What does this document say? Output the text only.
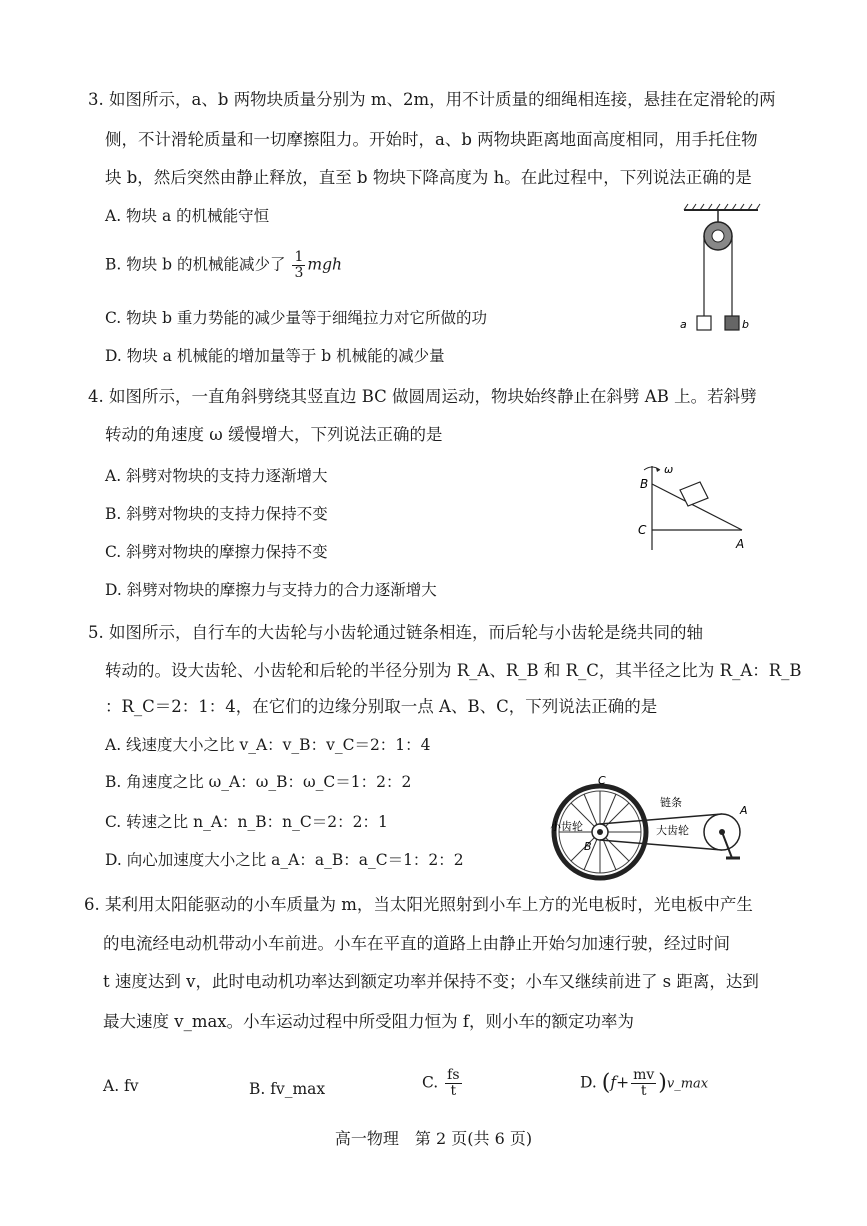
3. 如图所示，a、b 两物块质量分别为 m、2m，用不计质量的细绳相连接，悬挂在定滑轮的两
侧，不计滑轮质量和一切摩擦阻力。开始时，a、b 两物块距离地面高度相同，用手托住物
块 b，然后突然由静止释放，直至 b 物块下降高度为 h。在此过程中，下列说法正确的是
A. 物块 a 的机械能守恒
B. 物块 b 的机械能减少了 $\frac{1}{3}$ mgh
C. 物块 b 重力势能的减少量等于细绳拉力对它所做的功
D. 物块 a 机械能的增加量等于 b 机械能的减少量
a	b
4. 如图所示，一直角斜劈绕其竖直边 BC 做圆周运动，物块始终静止在斜劈 AB 上。若斜劈
转动的角速度 ω 缓慢增大，下列说法正确的是
A. 斜劈对物块的支持力逐渐增大
B. 斜劈对物块的支持力保持不变
C. 斜劈对物块的摩擦力保持不变
D. 斜劈对物块的摩擦力与支持力的合力逐渐增大
ω
B
C
A
5. 如图所示，自行车的大齿轮与小齿轮通过链条相连，而后轮与小齿轮是绕共同的轴
转动的。设大齿轮、小齿轮和后轮的半径分别为 R_A、R_B 和 R_C，其半径之比为 R_A：R_B
：R_C＝2：1：4，在它们的边缘分别取一点 A、B、C，下列说法正确的是
A. 线速度大小之比 v_A：v_B：v_C＝2：1：4
B. 角速度之比 ω_A：ω_B：ω_C＝1：2：2
C. 转速之比 n_A：n_B：n_C＝2：2：1
D. 向心加速度大小之比 a_A：a_B：a_C＝1：2：2
C
B
A
小齿轮
链条
大齿轮
6. 某利用太阳能驱动的小车质量为 m，当太阳光照射到小车上方的光电板时，光电板中产生
的电流经电动机带动小车前进。小车在平直的道路上由静止开始匀加速行驶，经过时间
t 速度达到 v，此时电动机功率达到额定功率并保持不变；小车又继续前进了 s 距离，达到
最大速度 v_max。小车运动过程中所受阻力恒为 f，则小车的额定功率为
A. fv	B. fv_max	C. $\frac{fs}{t}$	D. ($f+ \frac{mv}{t}$ )v_max
高一物理　第 2 页(共 6 页)
